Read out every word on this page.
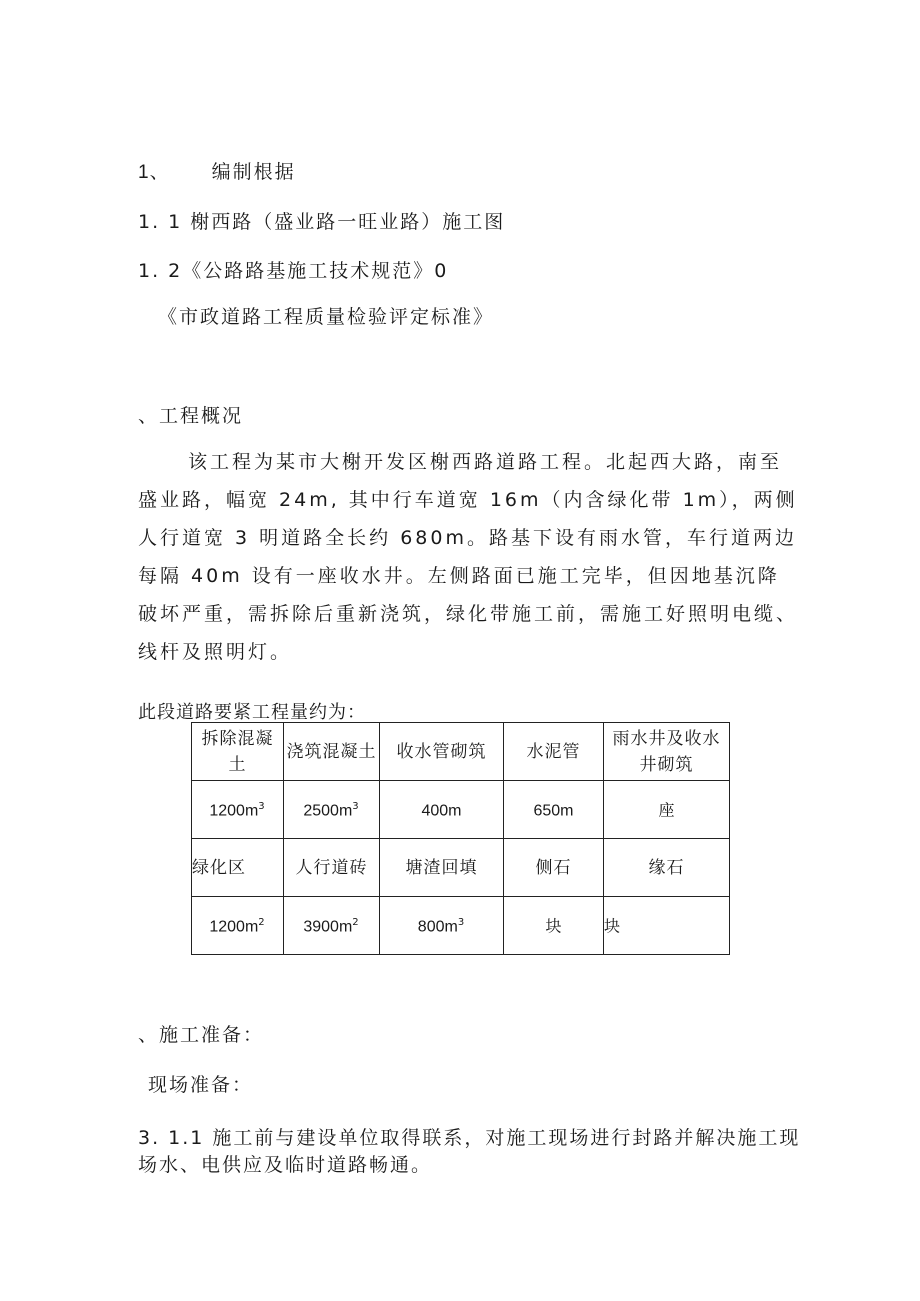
1、 编制根据
1. 1 榭西路（盛业路一旺业路）施工图
1. 2《公路路基施工技术规范》0
《市政道路工程质量检验评定标准》
、工程概况
该工程为某市大榭开发区榭西路道路工程。北起西大路，南至盛业路，幅宽 24m, 其中行车道宽 16m（内含绿化带 1m），两侧人行道宽 3 明道路全长约 680m。路基下设有雨水管，车行道两边每隔 40m 设有一座收水井。左侧路面已施工完毕，但因地基沉降破坏严重，需拆除后重新浇筑，绿化带施工前，需施工好照明电缆、线杆及照明灯。
此段道路要紧工程量约为：
拆除混凝土	浇筑混凝土	收水管砌筑	水泥管	雨水井及收水井砌筑
$1200m^3$	$2500m^3$	400m	650m	座
绿化区	人行道砖	塘渣回填	侧石	缘石
$1200m^2$	$3900m^2$	$800m^3$	块	块
、施工准备：
现场准备：
3. 1.1 施工前与建设单位取得联系，对施工现场进行封路并解决施工现
场水、电供应及临时道路畅通。
